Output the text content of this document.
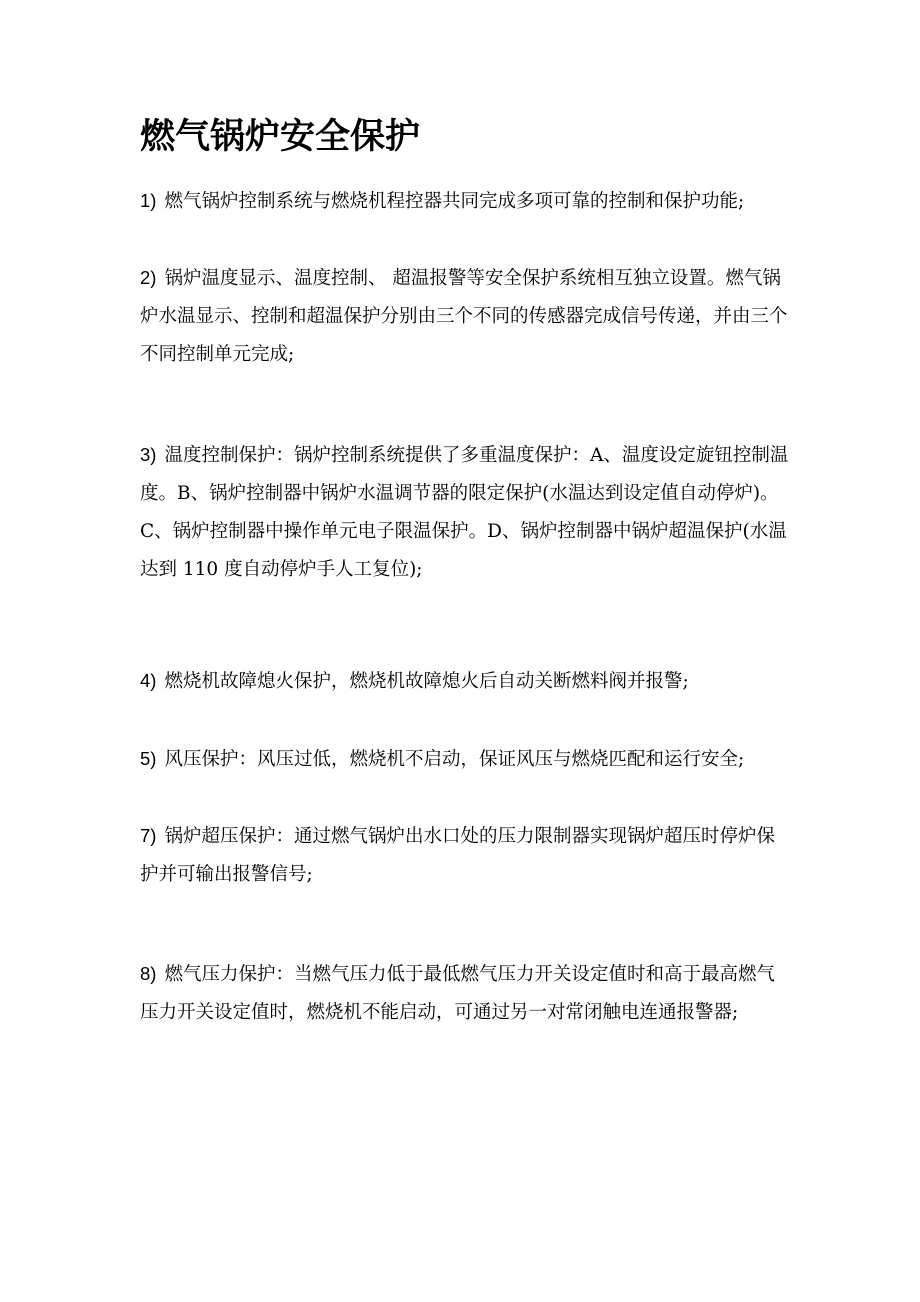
燃气锅炉安全保护

1) 燃气锅炉控制系统与燃烧机程控器共同完成多项可靠的控制和保护功能;

2) 锅炉温度显示、温度控制、 超温报警等安全保护系统相互独立设置。燃气锅炉水温显示、控制和超温保护分别由三个不同的传感器完成信号传递，并由三个不同控制单元完成;

3) 温度控制保护：锅炉控制系统提供了多重温度保护：A、温度设定旋钮控制温度。B、锅炉控制器中锅炉水温调节器的限定保护(水温达到设定值自动停炉)。C、锅炉控制器中操作单元电子限温保护。D、锅炉控制器中锅炉超温保护(水温达到 110 度自动停炉手人工复位);

4) 燃烧机故障熄火保护，燃烧机故障熄火后自动关断燃料阀并报警;

5) 风压保护：风压过低，燃烧机不启动，保证风压与燃烧匹配和运行安全;

7) 锅炉超压保护：通过燃气锅炉出水口处的压力限制器实现锅炉超压时停炉保护并可输出报警信号;

8) 燃气压力保护：当燃气压力低于最低燃气压力开关设定值时和高于最高燃气压力开关设定值时，燃烧机不能启动，可通过另一对常闭触电连通报警器;
